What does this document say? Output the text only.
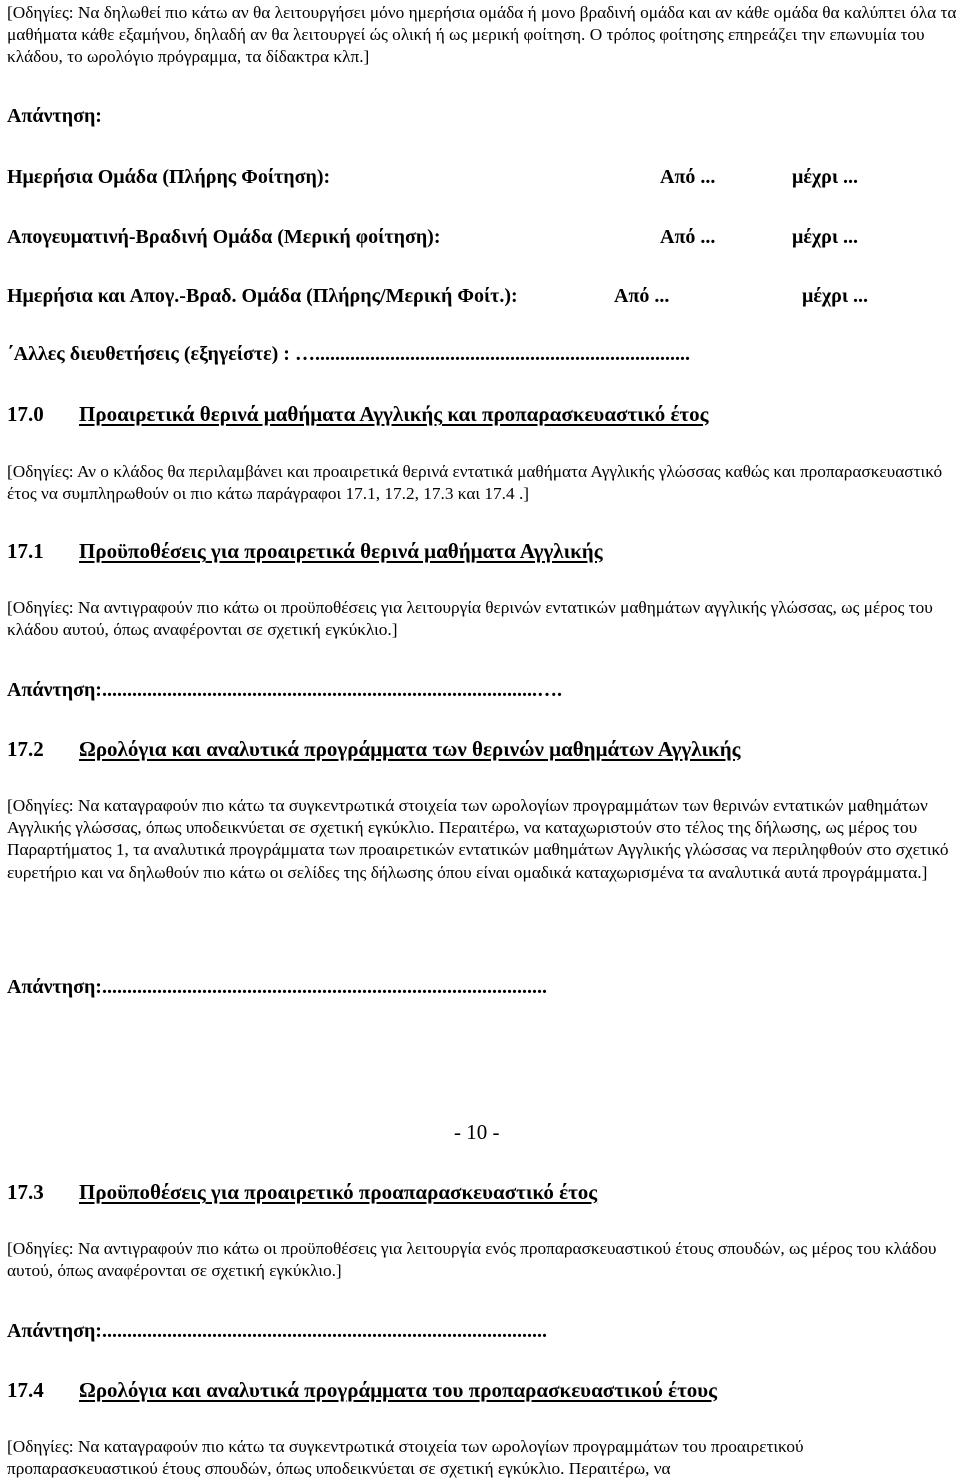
[Οδηγίες: Να δηλωθεί πιο κάτω αν θα λειτουργήσει μόνο ημερήσια ομάδα ή μονο βραδινή ομάδα και αν κάθε ομάδα θα καλύπτει όλα τα μαθήματα κάθε εξαμήνου, δηλαδή αν θα λειτουργεί ώς ολική ή ως μερική φοίτηση. Ο τρόπος φοίτησης επηρεάζει την επωνυμία του κλάδου, το ωρολόγιο πρόγραμμα, τα δίδακτρα κλπ.]
Απάντηση:
Ημερήσια Ομάδα (Πλήρης Φοίτηση):	Από ...	μέχρι ...
Απογευματινή-Βραδινή Ομάδα (Μερική φοίτηση):	Από ...	μέχρι ...
Ημερήσια και Απογ.-Βραδ. Ομάδα (Πλήρης/Μερική Φοίτ.):	Από ...	μέχρι ...
΄Αλλες διευθετήσεις (εξηγείστε) : …...........................................................................
17.0 Προαιρετικά θερινά μαθήματα Αγγλικής και προπαρασκευαστικό έτος
[Οδηγίες: Αν ο κλάδος θα περιλαμβάνει και προαιρετικά θερινά εντατικά μαθήματα Αγγλικής γλώσσας καθώς και προπαρασκευαστικό έτος να συμπληρωθούν οι πιο κάτω παράγραφοι 17.1, 17.2, 17.3 και 17.4 .]
17.1 Προϋποθέσεις για προαιρετικά θερινά μαθήματα Αγγλικής
[Οδηγίες: Να αντιγραφούν πιο κάτω οι προϋποθέσεις για λειτουργία θερινών εντατικών μαθημάτων αγγλικής γλώσσας, ως μέρος του κλάδου αυτού, όπως αναφέρονται σε σχετική εγκύκλιο.]
Απάντηση:.......................................................................................….
17.2 Ωρολόγια και αναλυτικά προγράμματα των θερινών μαθημάτων Αγγλικής
[Οδηγίες: Να καταγραφούν πιο κάτω τα συγκεντρωτικά στοιχεία των ωρολογίων προγραμμάτων των θερινών εντατικών μαθημάτων Αγγλικής γλώσσας, όπως υποδεικνύεται σε σχετική εγκύκλιο. Περαιτέρω, να καταχωριστούν στο τέλος της δήλωσης, ως μέρος του Παραρτήματος 1, τα αναλυτικά προγράμματα των προαιρετικών εντατικών μαθημάτων Αγγλικής γλώσσας να περιληφθούν στο σχετικό ευρετήριο και να δηλωθούν πιο κάτω οι σελίδες της δήλωσης όπου είναι ομαδικά καταχωρισμένα τα αναλυτικά αυτά προγράμματα.]
Απάντηση:.........................................................................................
- 10 -
17.3 Προϋποθέσεις για προαιρετικό προαπαρασκευαστικό έτος
[Οδηγίες: Να αντιγραφούν πιο κάτω οι προϋποθέσεις για λειτουργία ενός προπαρασκευαστικού έτους σπουδών, ως μέρος του κλάδου αυτού, όπως αναφέρονται σε σχετική εγκύκλιο.]
Απάντηση:.........................................................................................
17.4 Ωρολόγια και αναλυτικά προγράμματα του προπαρασκευαστικού έτους
[Οδηγίες: Να καταγραφούν πιο κάτω τα συγκεντρωτικά στοιχεία των ωρολογίων προγραμμάτων του προαιρετικού προπαρασκευαστικού έτους σπουδών, όπως υποδεικνύεται σε σχετική εγκύκλιο. Περαιτέρω, να
